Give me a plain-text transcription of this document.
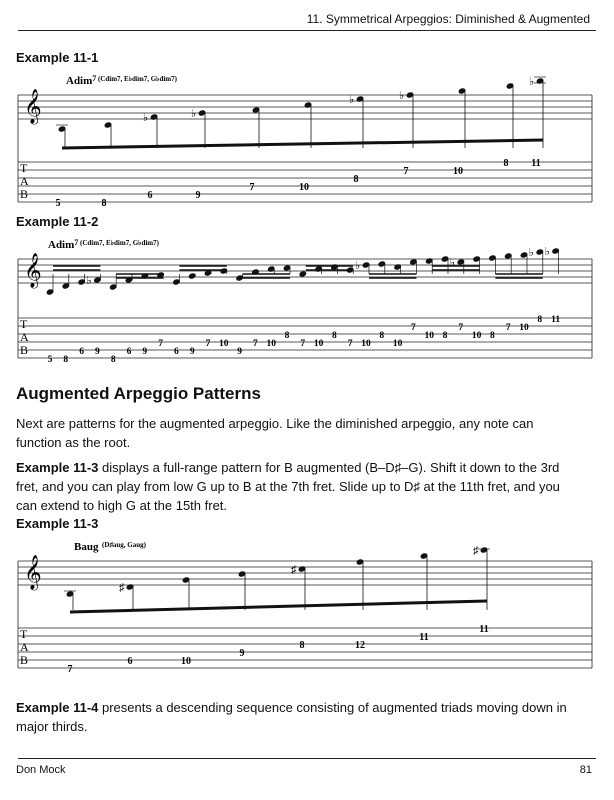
11. Symmetrical Arpeggios: Diminished & Augmented
Example 11-1
𝄞
T
A
B
Adim$^7$ (Cdim7, E♭dim7, G♭dim7)
♭	♭
♭	♭
♭
5	8
6	9
7	10
8
7	10
8 11
Example 11-2
𝄞
T
A
B
Adim$^7$ (Cdim7, E♭dim7, G♭dim7)
♭
♭	♭
♭ ♭
5 8
6 9
8
6 9
7
6 9
7 10
9
7 10
8
7 10
8
7 10
8
10
7
10 8
7
10 8
7 10
8 11
Augmented Arpeggio Patterns

Next are patterns for the augmented arpeggio. Like the diminished arpeggio, any note can function as the root.

Example 11-3 displays a full-range pattern for B augmented (B–D♯–G). Shift it down to the 3rd fret, and you can play from low G up to B at the 7th fret. Slide up to D♯ at the 11th fret, and you can extend to high G at the 15th fret.

Example 11-3
𝄞
T
A
B
Baug (D♯aug, Gaug)
♯
♯
♯
7
6	10
9
8	12
11
11

Example 11-4 presents a descending sequence consisting of augmented triads moving down in major thirds.

Don Mock	81
